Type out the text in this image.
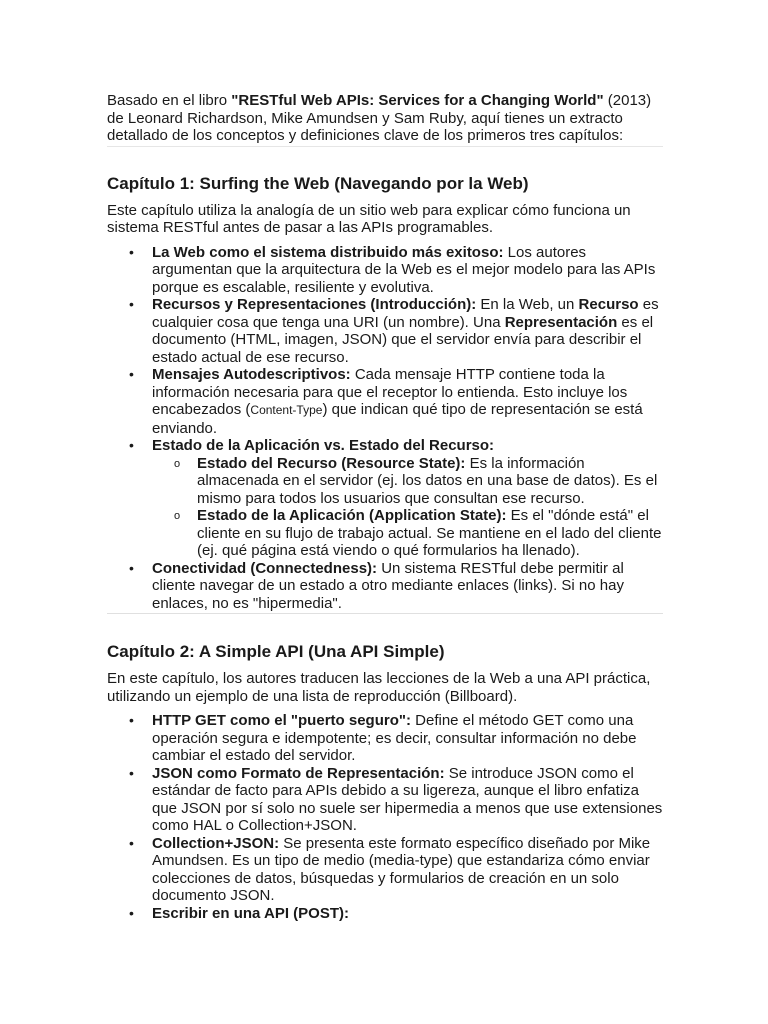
Basado en el libro "RESTful Web APIs: Services for a Changing World" (2013) de Leonard Richardson, Mike Amundsen y Sam Ruby, aquí tienes un extracto detallado de los conceptos y definiciones clave de los primeros tres capítulos:

Capítulo 1: Surfing the Web (Navegando por la Web)

Este capítulo utiliza la analogía de un sitio web para explicar cómo funciona un sistema RESTful antes de pasar a las APIs programables.

• La Web como el sistema distribuido más exitoso: Los autores argumentan que la arquitectura de la Web es el mejor modelo para las APIs porque es escalable, resiliente y evolutiva.
• Recursos y Representaciones (Introducción): En la Web, un Recurso es cualquier cosa que tenga una URI (un nombre). Una Representación es el documento (HTML, imagen, JSON) que el servidor envía para describir el estado actual de ese recurso.
• Mensajes Autodescriptivos: Cada mensaje HTTP contiene toda la información necesaria para que el receptor lo entienda. Esto incluye los encabezados (Content-Type) que indican qué tipo de representación se está enviando.
• Estado de la Aplicación vs. Estado del Recurso:
o Estado del Recurso (Resource State): Es la información almacenada en el servidor (ej. los datos en una base de datos). Es el mismo para todos los usuarios que consultan ese recurso.
o Estado de la Aplicación (Application State): Es el "dónde está" el cliente en su flujo de trabajo actual. Se mantiene en el lado del cliente (ej. qué página está viendo o qué formularios ha llenado).
• Conectividad (Connectedness): Un sistema RESTful debe permitir al cliente navegar de un estado a otro mediante enlaces (links). Si no hay enlaces, no es "hipermedia".
Capítulo 2: A Simple API (Una API Simple)

En este capítulo, los autores traducen las lecciones de la Web a una API práctica, utilizando un ejemplo de una lista de reproducción (Billboard).

• HTTP GET como el "puerto seguro": Define el método GET como una operación segura e idempotente; es decir, consultar información no debe cambiar el estado del servidor.
• JSON como Formato de Representación: Se introduce JSON como el estándar de facto para APIs debido a su ligereza, aunque el libro enfatiza que JSON por sí solo no suele ser hipermedia a menos que use extensiones como HAL o Collection+JSON.
• Collection+JSON: Se presenta este formato específico diseñado por Mike Amundsen. Es un tipo de medio (media-type) que estandariza cómo enviar colecciones de datos, búsquedas y formularios de creación en un solo documento JSON.
• Escribir en una API (POST):
